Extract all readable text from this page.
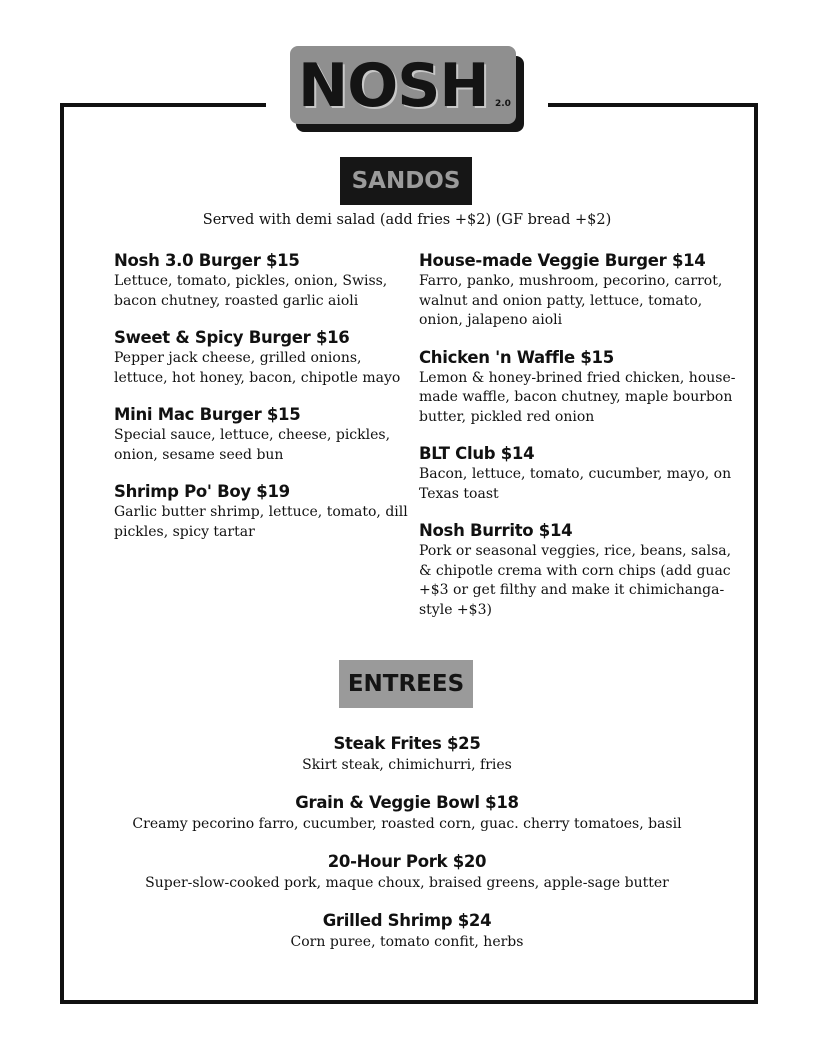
NOSH 2.0
SANDOS
Served with demi salad (add fries +$2) (GF bread +$2)
Nosh 3.0 Burger $15
Lettuce, tomato, pickles, onion, Swiss, bacon chutney, roasted garlic aioli
Sweet & Spicy Burger $16
Pepper jack cheese, grilled onions, lettuce, hot honey, bacon, chipotle mayo
Mini Mac Burger $15
Special sauce, lettuce, cheese, pickles, onion, sesame seed bun
Shrimp Po' Boy $19
Garlic butter shrimp, lettuce, tomato, dill pickles, spicy tartar
House-made Veggie Burger $14
Farro, panko, mushroom, pecorino, carrot, walnut and onion patty, lettuce, tomato, onion, jalapeno aioli
Chicken 'n Waffle $15
Lemon & honey-brined fried chicken, house-made waffle, bacon chutney, maple bourbon butter, pickled red onion
BLT Club $14
Bacon, lettuce, tomato, cucumber, mayo, on Texas toast
Nosh Burrito $14
Pork or seasonal veggies, rice, beans, salsa, & chipotle crema with corn chips (add guac +$3 or get filthy and make it chimichanga-style +$3)
ENTREES
Steak Frites $25
Skirt steak, chimichurri, fries
Grain & Veggie Bowl $18
Creamy pecorino farro, cucumber, roasted corn, guac. cherry tomatoes, basil
20-Hour Pork $20
Super-slow-cooked pork, maque choux, braised greens, apple-sage butter
Grilled Shrimp $24
Corn puree, tomato confit, herbs
